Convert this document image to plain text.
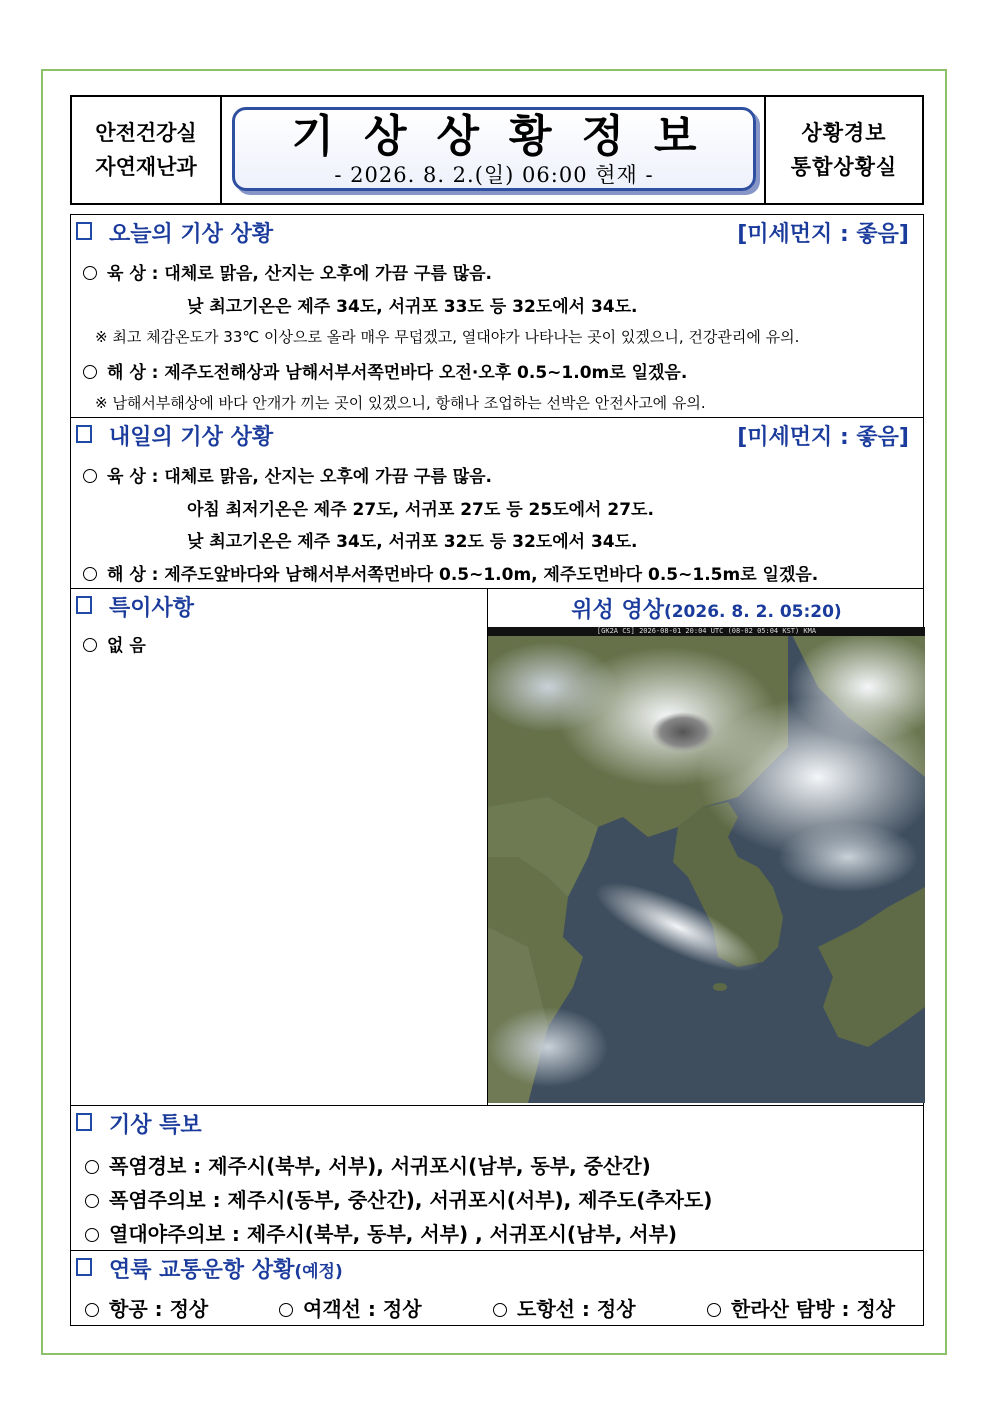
안전건강실
자연재난과
기상상황정보
- 2026. 8. 2.(일) 06:00 현재 -
상황경보
통합상황실
오늘의 기상 상황	[미세먼지 : 좋음]
육 상 : 대체로 맑음, 산지는 오후에 가끔 구름 많음.
낮 최고기온은 제주 34도, 서귀포 33도 등 32도에서 34도.
※ 최고 체감온도가 33℃ 이상으로 올라 매우 무덥겠고, 열대야가 나타나는 곳이 있겠으니, 건강관리에 유의.
해 상 : 제주도전해상과 남해서부서쪽먼바다 오전·오후 0.5~1.0m로 일겠음.
※ 남해서부해상에 바다 안개가 끼는 곳이 있겠으니, 항해나 조업하는 선박은 안전사고에 유의.
내일의 기상 상황	[미세먼지 : 좋음]
육 상 : 대체로 맑음, 산지는 오후에 가끔 구름 많음.
아침 최저기온은 제주 27도, 서귀포 27도 등 25도에서 27도.
낮 최고기온은 제주 34도, 서귀포 32도 등 32도에서 34도.
해 상 : 제주도앞바다와 남해서부서쪽먼바다 0.5~1.0m, 제주도먼바다 0.5~1.5m로 일겠음.
특이사항
없 음
위성 영상(2026. 8. 2. 05:20)
[GK2A CS] 2026-08-01 20:04 UTC (08-02 05:04 KST) KMA
기상 특보
폭염경보 : 제주시(북부, 서부), 서귀포시(남부, 동부, 중산간)
폭염주의보 : 제주시(동부, 중산간), 서귀포시(서부), 제주도(추자도)
열대야주의보 : 제주시(북부, 동부, 서부) , 서귀포시(남부, 서부)
연륙 교통운항 상황(예정)
항공 : 정상	여객선 : 정상	도항선 : 정상	한라산 탐방 : 정상
